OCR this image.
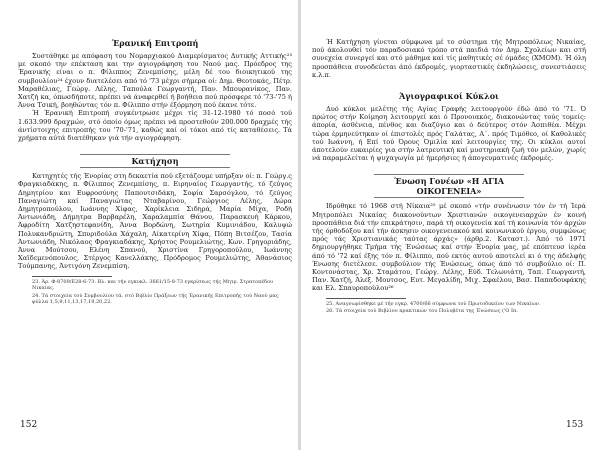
Έρανική Επιτροπή

Συστάθηκε με απόφαση του Νομαρχιακού Διαμερίσματος Δυτικής Αττικής²³ με σκοπό την επέκταση και την αγιογράφηση του Ναού μας. Πρόεδρος της Έρανικής είναι ο π. Φίλιππος Ζενεμπίσης, μέλη δέ του διοικητικού της συμβουλίου²⁴ έχουν διατελέσει από τό '73 μέχρι σήμερα οί: Δημ. Θεοτοκάς, Πέτρ. Μαραθέλιας, Γεώργ. Λέλης, Ταπούλα Γεωργαντή, Παν. Μπουρανίκος, Παν. Χατζή κα, όπωσδήποτε, πρέπει νά άναφερθεί ή βοήθεια πού πρόσφερε τό '73-'75 ή Άννα Τσική, βοηθώντας τόν π. Φίλιππο στήν έξόρμηση πού έκανε τότε.

Ή Έρανική Επιτροπή συγκέντρωσε μέχρι τίς 31-12-1980 τό ποσό τού 1.633.999 δραχμών, στό όποίο όμως πρέπει νά προστεθούν 200.000 δραχμές τής άντίστοιχης επιτροπής του '70-'71, καθώς καί οί τόκοι από τίς καταθέσεις. Τά χρήματα αύτά διατέθηκαν γιά τήν αγιογράφηση.

Κατήχηση

Κατηχητές τής Ένορίας στη δεκαετία πού εξετάζουμε υπήρξαν οί: π. Γεώργ.ς Φραγκιαδάκης, π. Φίλιππος Ζενεμπίσης, π. Ειρηναίος Γεωργαντής, τό ζεύγος Δημητρίου και Ευφροσύνης Παπουτσιδάκη, Σοφία Σαρσόγλου, τό ζεύγος Παναγιώτη καί Παναγιώτας Νταβαρίνου, Γεώργιος Λέλης, Δώρα Δημητροπούλου, Ιωάννης Χίφας, Χαρίκλεια Σιδηρά, Μαρία Μίχα, Ροδή Άντωνιάδη, Δήμητρα Βαρβαρέλη, Χαραλαμπία Θάνου, Παρασκευή Κάρκου, Άφροδίτη Χατζηστεφανίδη, Άννα Βορδώνη, Σωτηρία Κυμινιάδου, Καλυψώ Πολυκανδριώτη, Σπυριδούλα Χάχαλη, Αίκατερίνη Χίφα, Πόπη Βιτσέζου, Τασία Άντωνιάδη, Νικόλαος Φραγκιαδάκης, Χρήστος Ρουμελιώτης, Κων. Γρηγοριάδης, Άννα Μούτσου, Ελένη Σπανού, Χριστίνα Γρηγοροπούλου, Ιωάννης Χαϊδεμενόπουλος, Στέργος Κανελλάκης, Πρόδρομος Ρουμελιώτης, Άθανάσιος Τούμπανης, Άντιγόνη Ζενεμπίση.

23. Άρ. Φ-8709/Ε28-6-73. Βλ. και τήν εγκυκλ. 3661/15-8-73 εγκρίσεως τής Μητρ. Στρατοπέδου Νικαίας.

24. Τά στοιχεία τού Συμβουλίου τά. στό Βιβλίο Πράξεων τής Έρανικής Επιτροπής τού Ναού μας φύλλα 1,5,9,11,13,17,19,20,22.

152

Ή Κατήχηση γίνεται σύμφωνα μέ το σύστημα τής Μητροπόλεως Νικαίας, πού άκολουθεί τόν παραδοσιακό τρόπο στά παιδιά τόν Δημ. Σχολείων και στή συνεχεία συνεργεί και στό μάθημα καί τίς μαθητικές σέ όμάδες (ΧΜΟΜ). Ή όλη προσπάθεια συνοδεύεται άπό έκδρομές, γιορταστικές έκδηλώσεις, συνεστιάσεις κ.λ.π.

Άγιογραφικοί Κύκλοι

Δυό κύκλοι μελέτης τής Αγίας Γραφής λειτουργούν έδώ άπό τό '71. Ό πρώτος στήν Κοίμηση λειτουργεί και ό Προνοιακός, διακονώντας τούς τομείς: άπορία, άσθένεια, πένθος και διαζύγιο και ό δεύτερος στόν Άσπιθέα. Μέχρι τώρα έρμηνεύτηκαν οί έπιστολές πρός Γαλάτας, Α΄. πρός Τιμόθεο, οί Καθολικές τού Ιωάννη, ή Επί τού Όρους Όμιλία καί λειτουργίες της. Οι κύκλοι αυτοί άποτελούν ευκαιρίες για στήν λατρευτική καί μυστηριακή ζωή τόν μελών, χωρίς νά παραμελείται ή ψυχαγωγία μέ ήμερήσιες ή άπογευματινές έκδρομές.

Ένωση Γονέων «Η ΑΓΙΑ ΟΙΚΟΓΕΝΕΙΑ»

Ιδρύθηκε τό 1968 στή Νίκαια²⁵ μέ σκοπό «τήν συνένωσιν τόν έν τή Ίερά Μητροπόλει Νικαίας διακονούντων Χριστιανών οικογενειαρχών έν κοινή προσπάθεια διά τήν επικράτησιν, παρά τή οικογενεία καί τή κοινωνία τόν άρχών τής όρθοδόξου καί τήν άσκησιν οικογενειακού καί κοινωνικού έργου, συμφώνως πρός τάς Χριστιανικάς ταύτας άρχάς» (άρθρ.2. Καταστ.). Άπό τό 1971 δημιουργήθηκε Τμήμα τής Ένώσεως καί στήν Ένορία μας, μέ επόπτευσ ίερέα άπό τό '72 καί έξης τόν π. Φίλιππο, πού εκτός αυτού αποτελεί κι ό της άδελφής Ένωσης διετέλεσε. συμβούλιον τής Ένώσεως, όπως άπό τό συμβούλιο οί: Π. Κοντονάστας, Χρ. Σταμάτου, Γεώργ. Λέλης, Εύδ. Τελωνιάτη, Ταπ. Γεωργαντή, Παν. Χατζή, Άλεξ. Μουτσος, Ευτ. Μεγαλίδη, Μιχ. Σφαέλου, Βασ. Παπαδουφάκης και Ελ. Σπαυροπούλου²⁶

25. Αναγνωρίσθηκε μέ τήν εγκρ. 4700/66 σύμφωνα τού Πρωτοδικείου των Νικαίων.

26. Τά στοιχεία τού Βιβλίου πρακτικών του Πολυβέτα της Ένώσεως ('Ο Ιπ.

153
